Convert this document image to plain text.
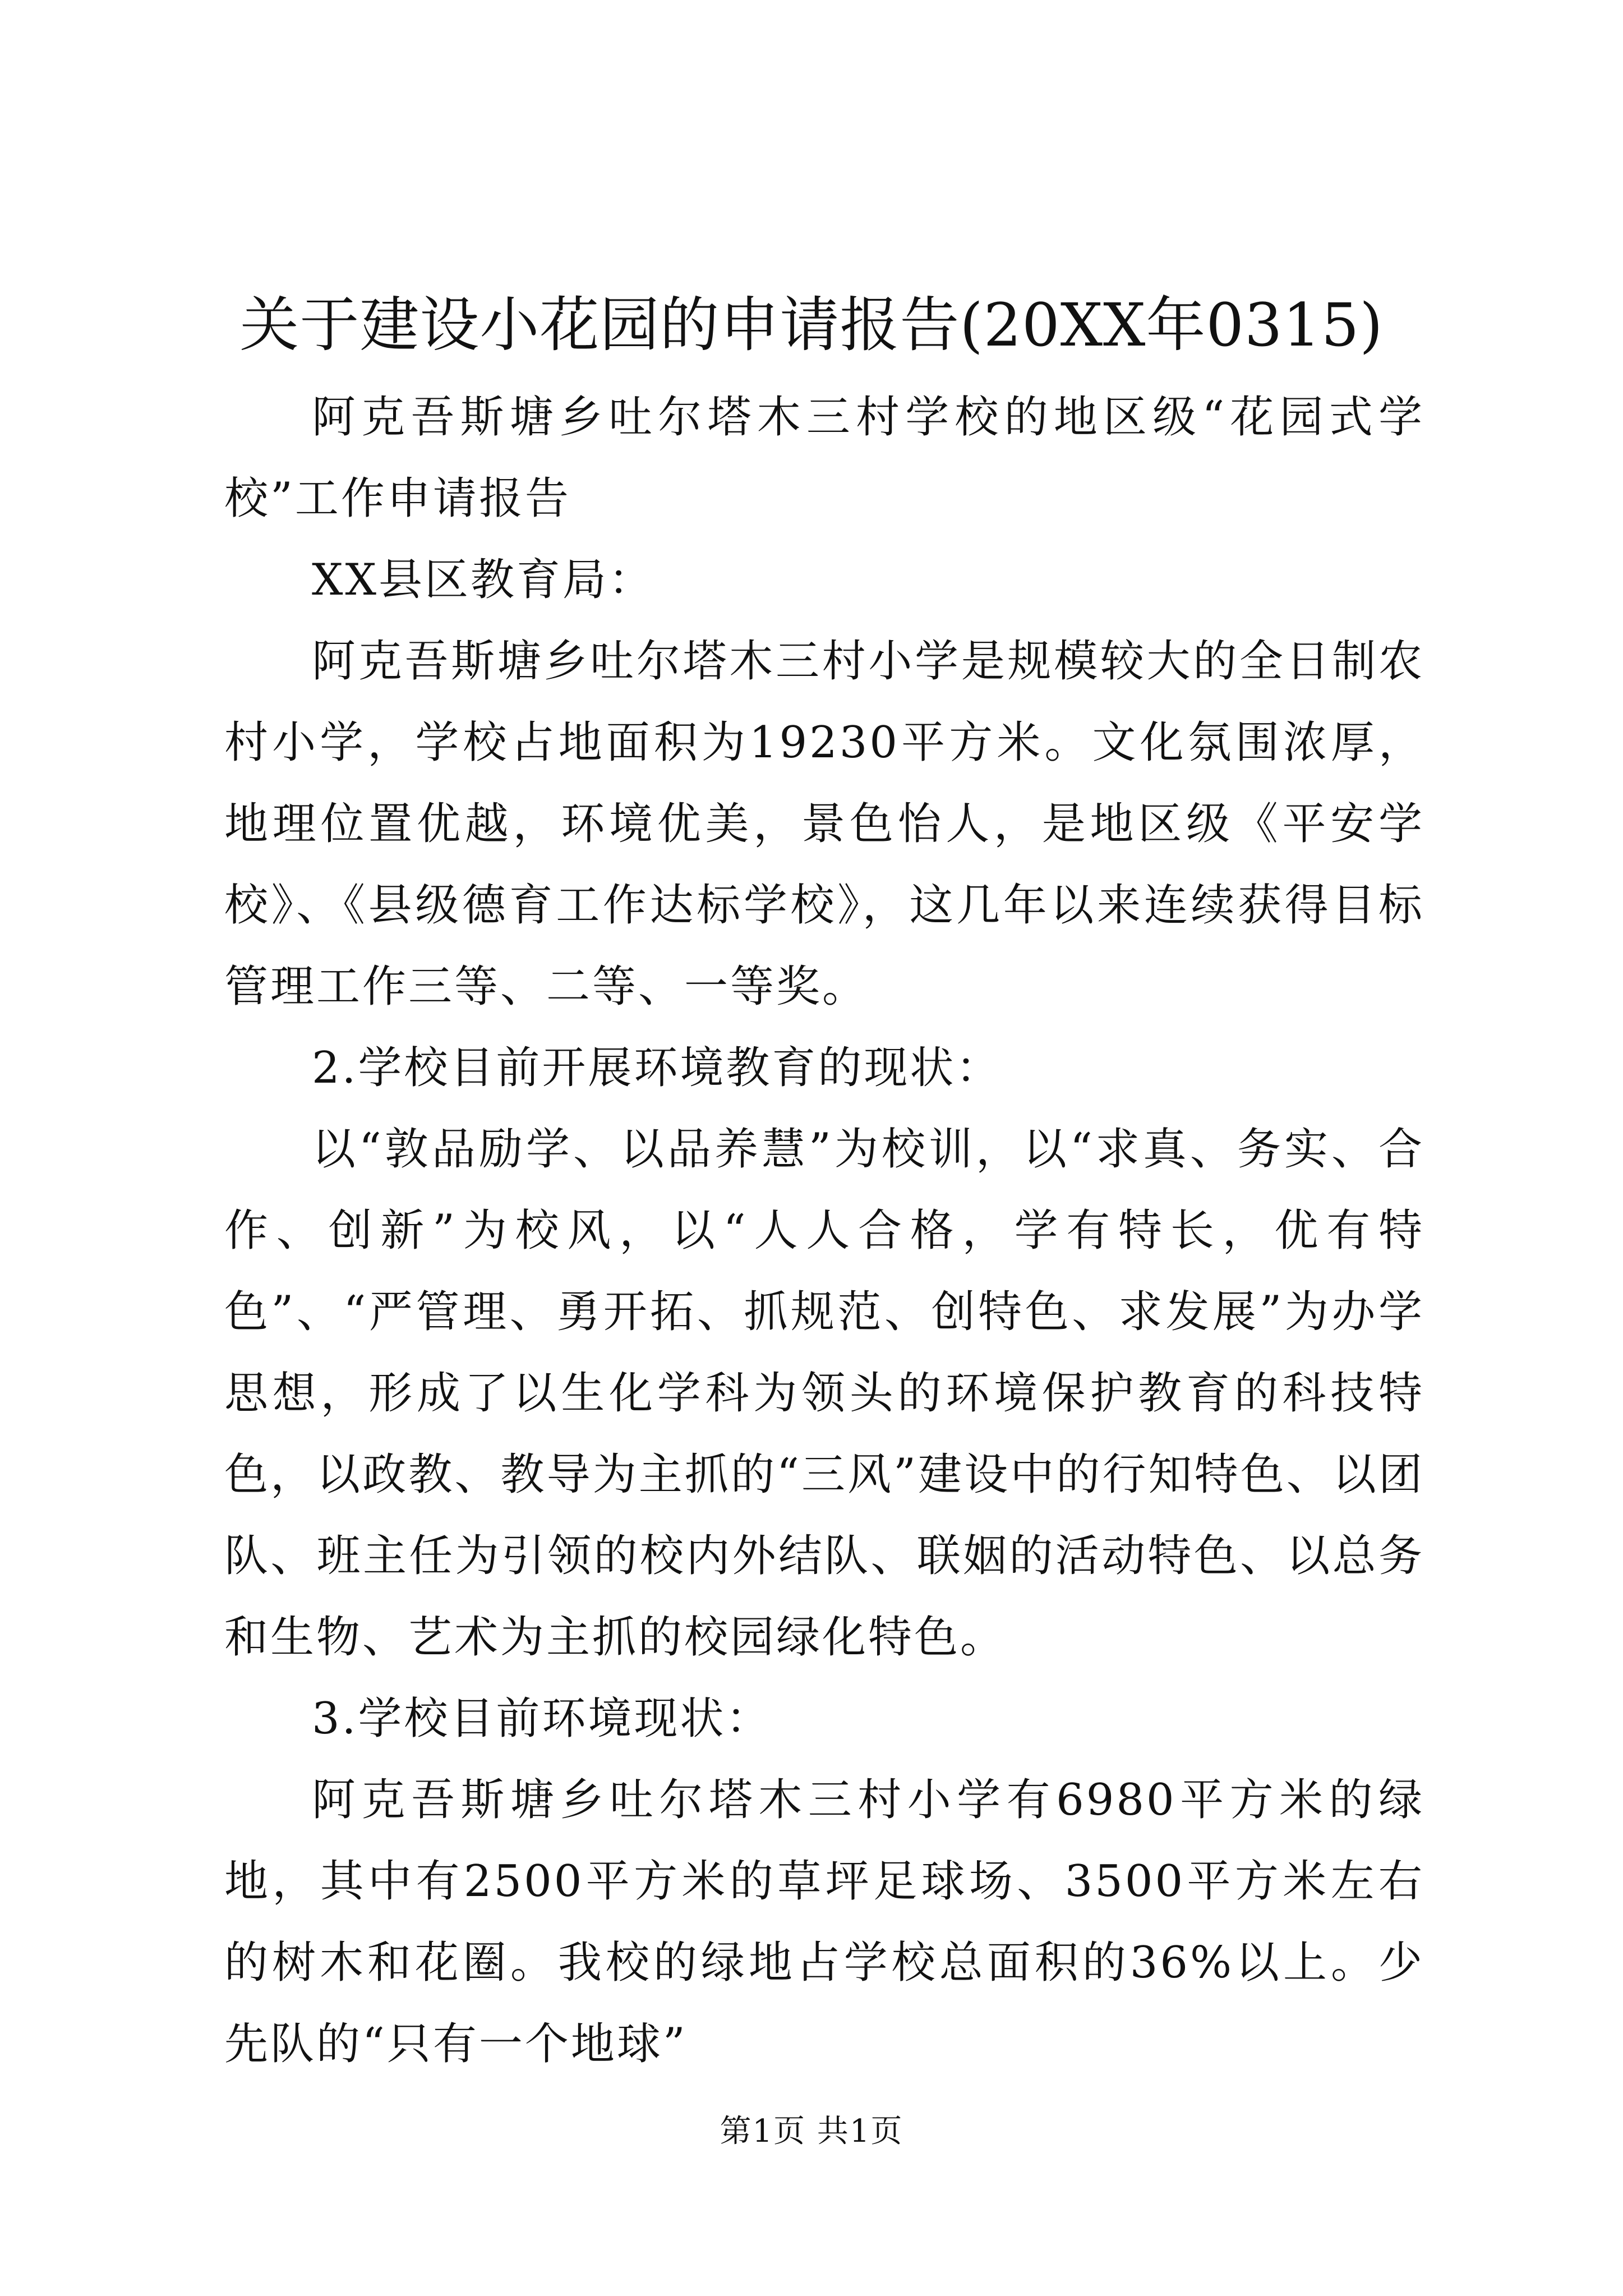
关于建设小花园的申请报告(20XX年0315)

阿克吾斯塘乡吐尔塔木三村学校的地区级“花园式学校”工作申请报告

XX县区教育局：

阿克吾斯塘乡吐尔塔木三村小学是规模较大的全日制农村小学，学校占地面积为19230平方米。文化氛围浓厚，地理位置优越，环境优美，景色怡人，是地区级《平安学校》、《县级德育工作达标学校》，这几年以来连续获得目标管理工作三等、二等、一等奖。

2.学校目前开展环境教育的现状：

以“敦品励学、以品养慧”为校训，以“求真、务实、合作、创新”为校风，以“人人合格，学有特长，优有特色”、“严管理、勇开拓、抓规范、创特色、求发展”为办学思想，形成了以生化学科为领头的环境保护教育的科技特色，以政教、教导为主抓的“三风”建设中的行知特色、以团队、班主任为引领的校内外结队、联姻的活动特色、以总务和生物、艺术为主抓的校园绿化特色。

3.学校目前环境现状：

阿克吾斯塘乡吐尔塔木三村小学有6980平方米的绿地，其中有2500平方米的草坪足球场、3500平方米左右的树木和花圈。我校的绿地占学校总面积的36%以上。少先队的“只有一个地球”

第1页 共1页
